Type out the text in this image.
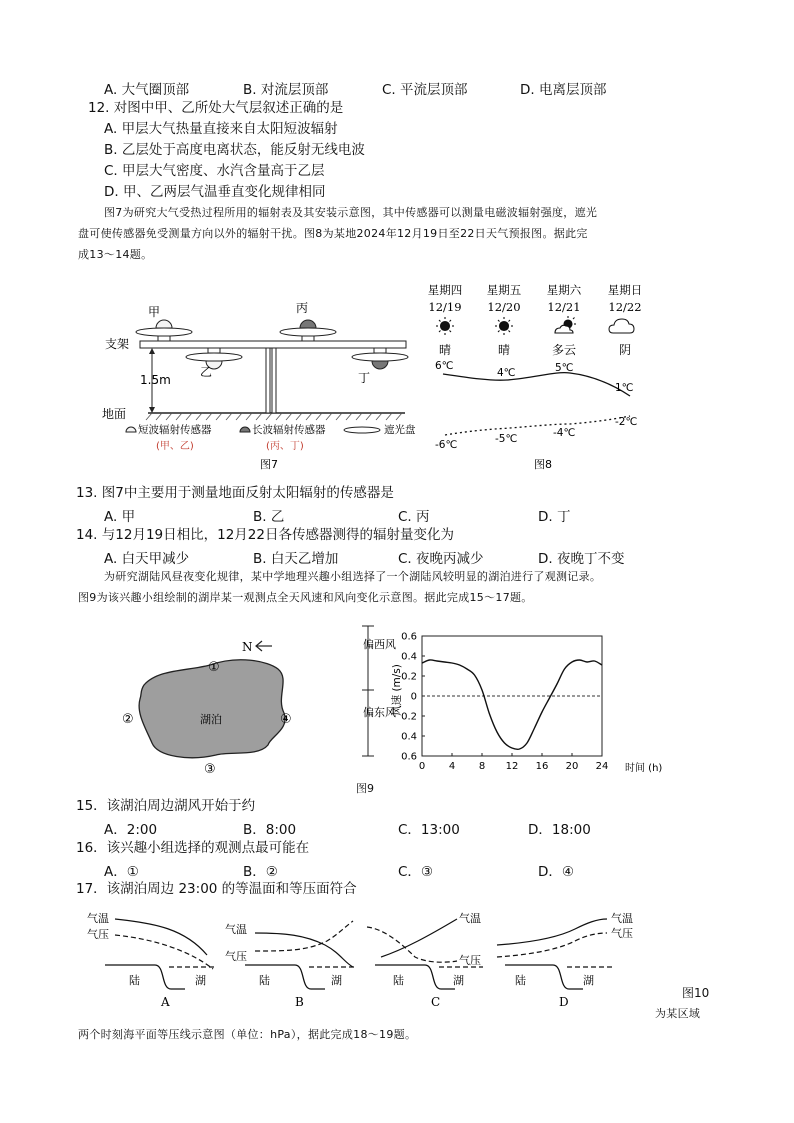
A. 大气圈顶部	B. 对流层顶部	C. 平流层顶部	D. 电离层顶部
12. 对图中甲、乙所处大气层叙述正确的是
A. 甲层大气热量直接来自太阳短波辐射
B. 乙层处于高度电离状态，能反射无线电波
C. 甲层大气密度、水汽含量高于乙层
D. 甲、乙两层气温垂直变化规律相同
图7为研究大气受热过程所用的辐射表及其安装示意图，其中传感器可以测量电磁波辐射强度，遮光
盘可使传感器免受测量方向以外的辐射干扰。图8为某地2024年12月19日至22日天气预报图。据此完
成13～14题。
支架
1.5m
地面
甲	丙
乙	丁
短波辐射传感器
(甲、乙)
长波辐射传感器
(丙、丁)
遮光盘
图7
星期四 星期五 星期六 星期日
12/19 12/20 12/21 12/22
晴	晴	多云	阴
6℃
4℃	5℃
1℃
-6℃	-5℃	-4℃
-2℃
图8
13. 图7中主要用于测量地面反射太阳辐射的传感器是
A. 甲	B. 乙	C. 丙	D. 丁
14. 与12月19日相比，12月22日各传感器测得的辐射量变化为
A. 白天甲减少	B. 白天乙增加	C. 夜晚丙减少	D. 夜晚丁不变
为研究湖陆风昼夜变化规律，某中学地理兴趣小组选择了一个湖陆风较明显的湖泊进行了观测记录。
图9为该兴趣小组绘制的湖岸某一观测点全天风速和风向变化示意图。据此完成15～17题。
湖泊
N
①
②
③
④
偏西风
偏东风
风速 (m/s)
0.6
0.4
0.2
0
0.2
0.4
0.6
0 4 8 12 16 20 24 时间 (h)
图9
15．该湖泊周边湖风开始于约
A．2:00	B．8:00	C．13:00	D．18:00
16．该兴趣小组选择的观测点最可能在
A．①	B．②	C．③	D．④
17．该湖泊周边 23:00 的等温面和等压面符合
气温
气压
陆	湖
A
气温
气压
陆	湖
B
气温
气压
陆	湖
C
气温
气压
陆	湖
D
图10
为某区域
两个时刻海平面等压线示意图（单位：hPa），据此完成18～19题。
